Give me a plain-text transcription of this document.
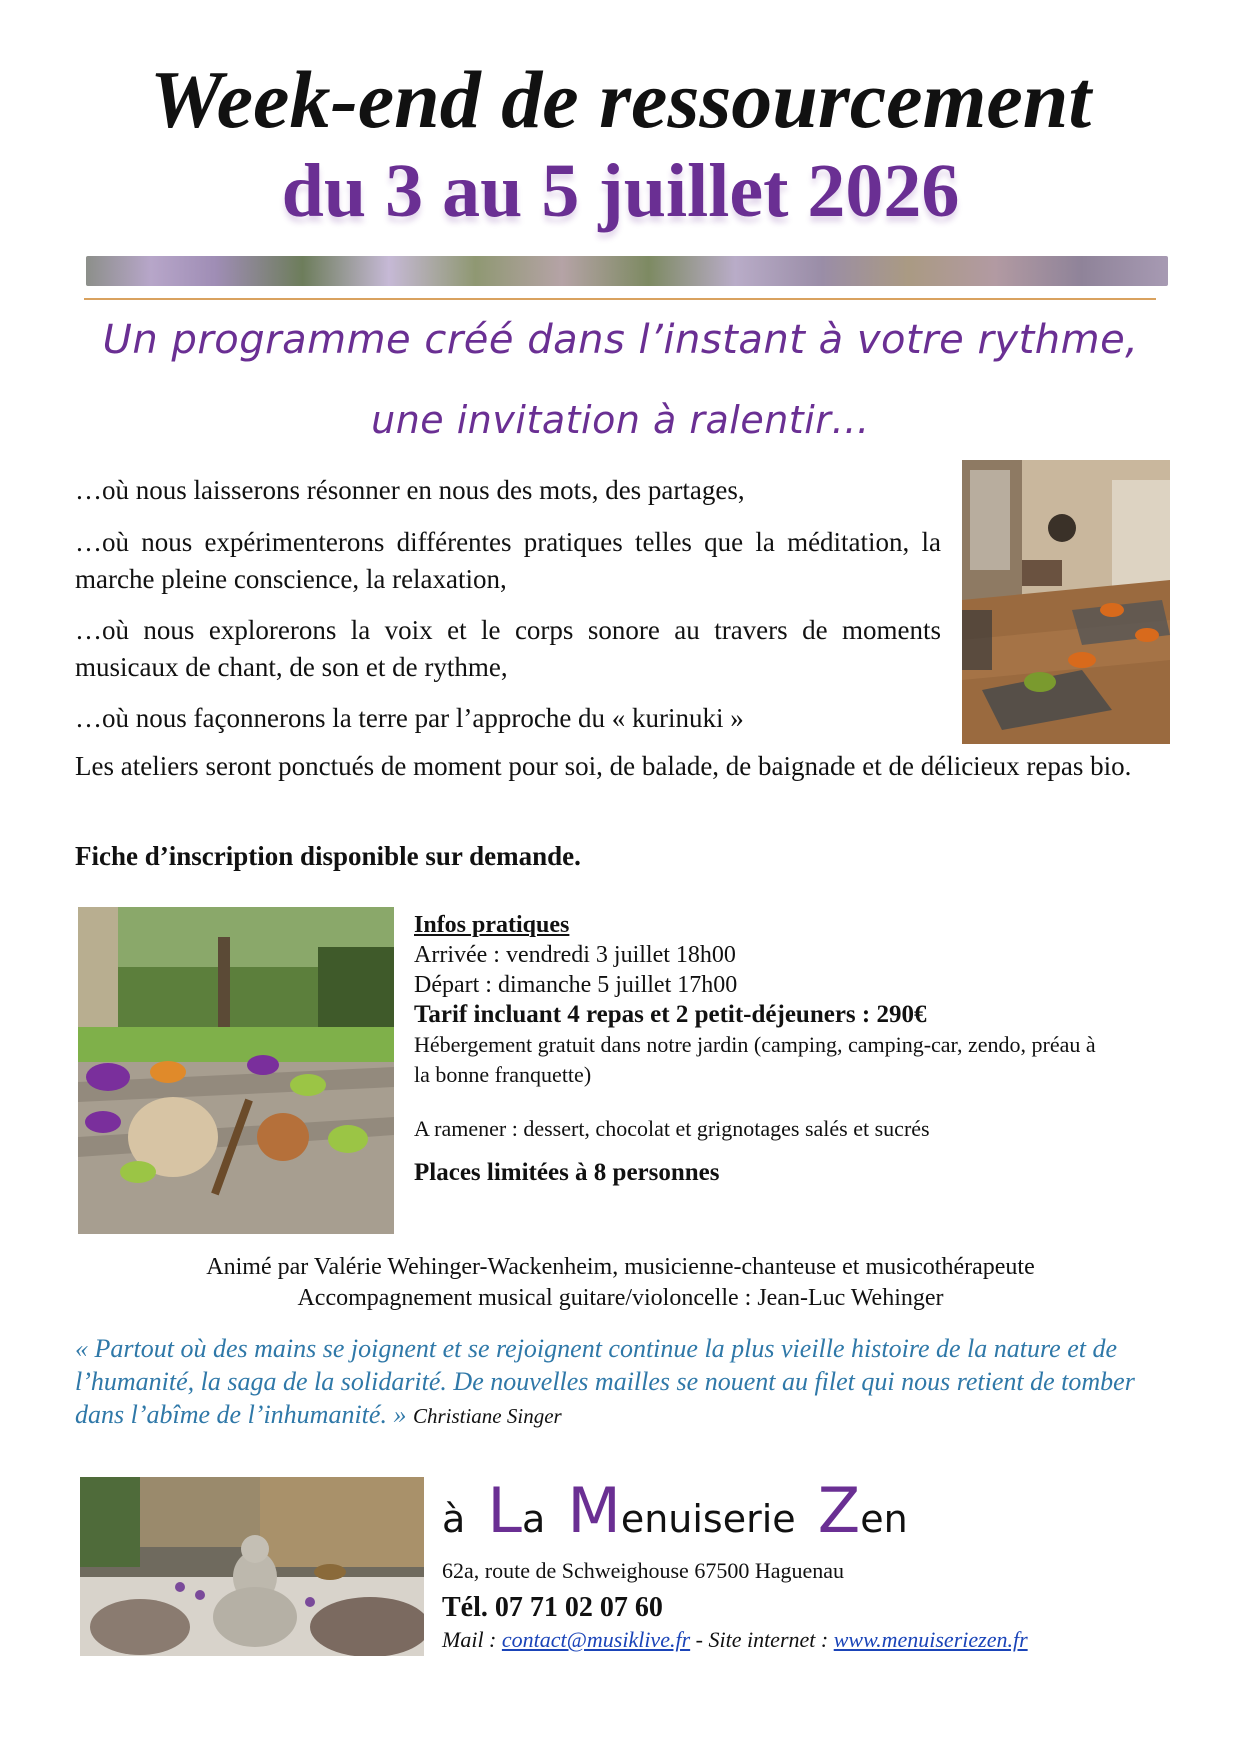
Week-end de ressourcement
du 3 au 5 juillet 2026
Un programme créé dans l’instant à votre rythme,
une invitation à ralentir…

…où nous laisserons résonner en nous des mots, des partages,

…où nous expérimenterons différentes pratiques telles que la méditation, la marche pleine conscience, la relaxation,

…où nous explorerons la voix et le corps sonore au travers de moments musicaux de chant, de son et de rythme,

…où nous façonnerons la terre par l’approche du « kurinuki »

Les ateliers seront ponctués de moment pour soi, de balade, de baignade et de délicieux repas bio.

Fiche d’inscription disponible sur demande.
Infos pratiques
Arrivée : vendredi 3 juillet 18h00
Départ : dimanche 5 juillet 17h00
Tarif incluant 4 repas et 2 petit-déjeuners : 290€
Hébergement gratuit dans notre jardin (camping, camping-car, zendo, préau à la bonne franquette)
A ramener : dessert, chocolat et grignotages salés et sucrés
Places limitées à 8 personnes
Animé par Valérie Wehinger-Wackenheim, musicienne-chanteuse et musicothérapeute
Accompagnement musical guitare/violoncelle : Jean-Luc Wehinger
« Partout où des mains se joignent et se rejoignent continue la plus vieille histoire de la nature et de l’humanité, la saga de la solidarité. De nouvelles mailles se nouent au filet qui nous retient de tomber dans l’abîme de l’inhumanité. » Christiane Singer
à La Menuiserie Zen
62a, route de Schweighouse 67500 Haguenau
Tél. 07 71 02 07 60
Mail : contact@musiklive.fr - Site internet : www.menuiseriezen.fr
